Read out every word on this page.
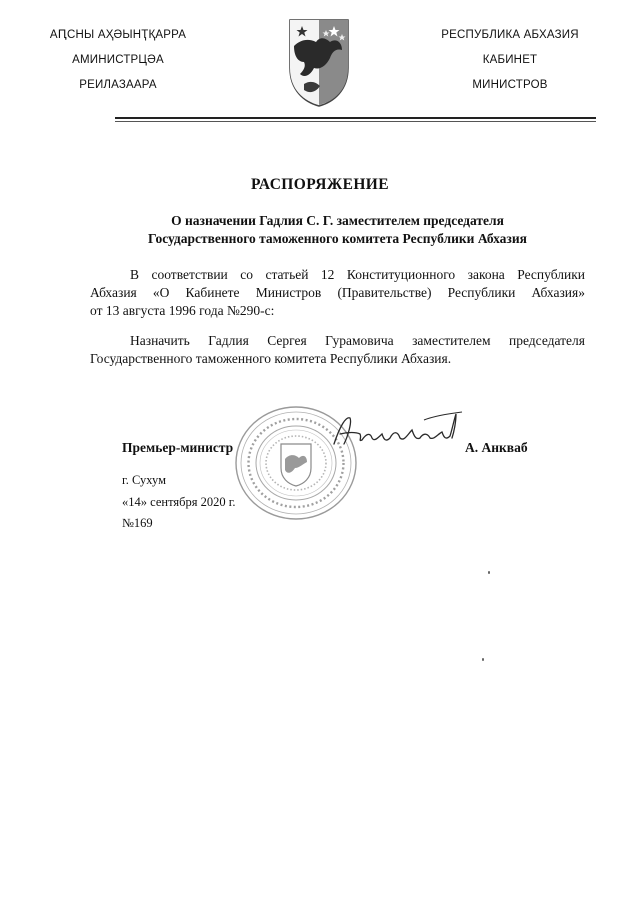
АԤСНЫ АҲӘЫНҬҚАРРА
АМИНИСТРЦӘА
РЕИЛАЗААРА
РЕСПУБЛИКА АБХАЗИЯ
КАБИНЕТ
МИНИСТРОВ
РАСПОРЯЖЕНИЕ
О назначении Гадлия С. Г. заместителем председателя
Государственного таможенного комитета Республики Абхазия
В соответствии со статьей 12 Конституционного закона Республики
Абхазия «О Кабинете Министров (Правительстве) Республики Абхазия»
от 13 августа 1996 года №290-с:
Назначить Гадлия Сергея Гурамовича заместителем председателя
Государственного таможенного комитета Республики Абхазия.
Премьер-министр	А. Анкваб
г. Сухум
«14» сентября 2020 г.
№169
